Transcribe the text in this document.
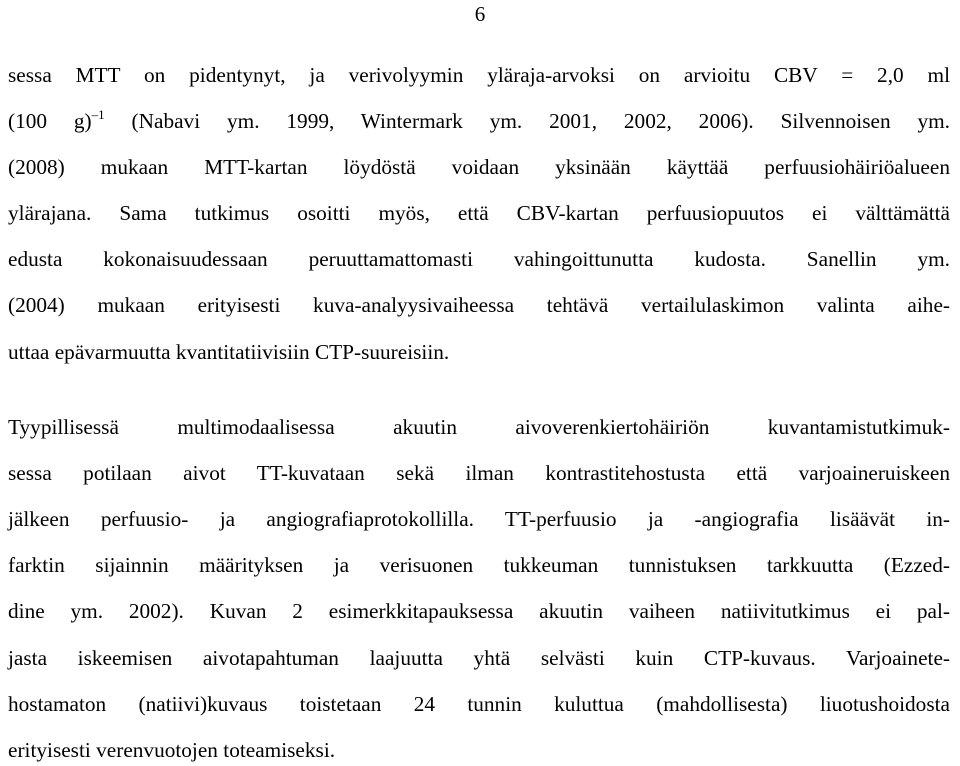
6
sessa MTT on pidentynyt, ja verivolyymin yläraja-arvoksi on arvioitu CBV = 2,0 ml
(100 g)$^{-1}$ (Nabavi ym. 1999, Wintermark ym. 2001, 2002, 2006). Silvennoisen ym.
(2008) mukaan MTT-kartan löydöstä voidaan yksinään käyttää perfuusiohäiriöalueen
ylärajana. Sama tutkimus osoitti myös, että CBV-kartan perfuusiopuutos ei välttämättä
edusta kokonaisuudessaan peruuttamattomasti vahingoittunutta kudosta. Sanellin ym.
(2004) mukaan erityisesti kuva-analyysivaiheessa tehtävä vertailulaskimon valinta aihe-
uttaa epävarmuutta kvantitatiivisiin CTP-suureisiin.
Tyypillisessä multimodaalisessa akuutin aivoverenkiertohäiriön kuvantamistutkimuk-
sessa potilaan aivot TT-kuvataan sekä ilman kontrastitehostusta että varjoaineruiskeen
jälkeen perfuusio- ja angiografiaprotokollilla. TT-perfuusio ja -angiografia lisäävät in-
farktin sijainnin määrityksen ja verisuonen tukkeuman tunnistuksen tarkkuutta (Ezzed-
dine ym. 2002). Kuvan 2 esimerkkitapauksessa akuutin vaiheen natiivitutkimus ei pal-
jasta iskeemisen aivotapahtuman laajuutta yhtä selvästi kuin CTP-kuvaus. Varjoainete-
hostamaton (natiivi)kuvaus toistetaan 24 tunnin kuluttua (mahdollisesta) liuotushoidosta
erityisesti verenvuotojen toteamiseksi.
